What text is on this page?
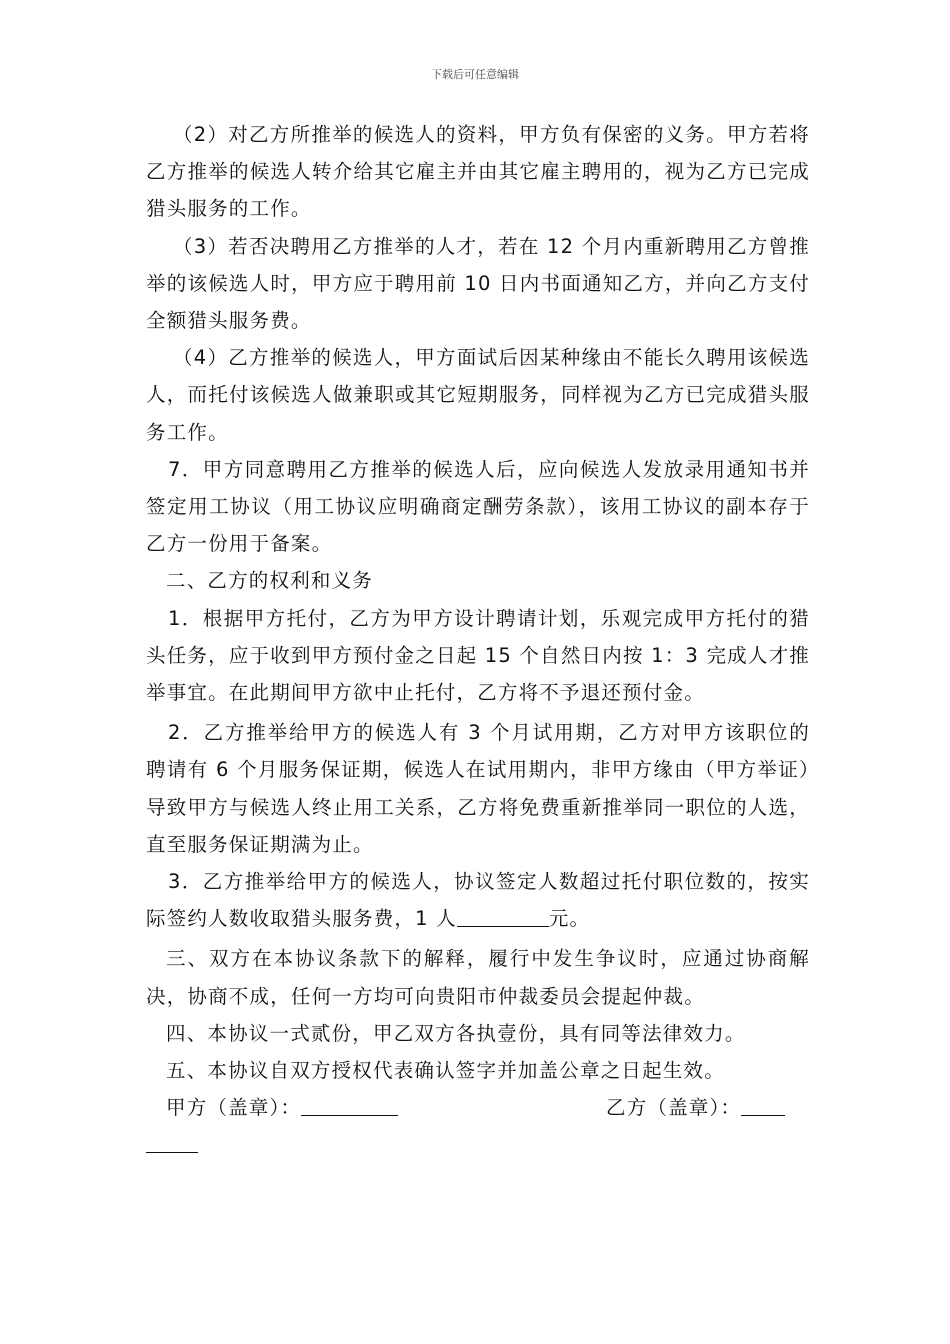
下载后可任意编辑

（2）对乙方所推举的候选人的资料，甲方负有保密的义务。甲方若将乙方推举的候选人转介给其它雇主并由其它雇主聘用的，视为乙方已完成猎头服务的工作。

（3）若否决聘用乙方推举的人才，若在 12 个月内重新聘用乙方曾推举的该候选人时，甲方应于聘用前 10 日内书面通知乙方，并向乙方支付全额猎头服务费。

（4）乙方推举的候选人，甲方面试后因某种缘由不能长久聘用该候选人，而托付该候选人做兼职或其它短期服务，同样视为乙方已完成猎头服务工作。

7．甲方同意聘用乙方推举的候选人后，应向候选人发放录用通知书并签定用工协议（用工协议应明确商定酬劳条款），该用工协议的副本存于乙方一份用于备案。

二、乙方的权利和义务

1．根据甲方托付，乙方为甲方设计聘请计划，乐观完成甲方托付的猎头任务，应于收到甲方预付金之日起 15 个自然日内按 1：3 完成人才推举事宜。在此期间甲方欲中止托付，乙方将不予退还预付金。

2．乙方推举给甲方的候选人有 3 个月试用期，乙方对甲方该职位的聘请有 6 个月服务保证期，候选人在试用期内，非甲方缘由（甲方举证）导致甲方与候选人终止用工关系，乙方将免费重新推举同一职位的人选，直至服务保证期满为止。

3．乙方推举给甲方的候选人，协议签定人数超过托付职位数的，按实际签约人数收取猎头服务费，1 人	元。

三、双方在本协议条款下的解释，履行中发生争议时，应通过协商解决，协商不成，任何一方均可向贵阳市仲裁委员会提起仲裁。

四、本协议一式贰份，甲乙双方各执壹份，具有同等法律效力。

五、本协议自双方授权代表确认签字并加盖公章之日起生效。

甲方（盖章）：	乙方（盖章）：
